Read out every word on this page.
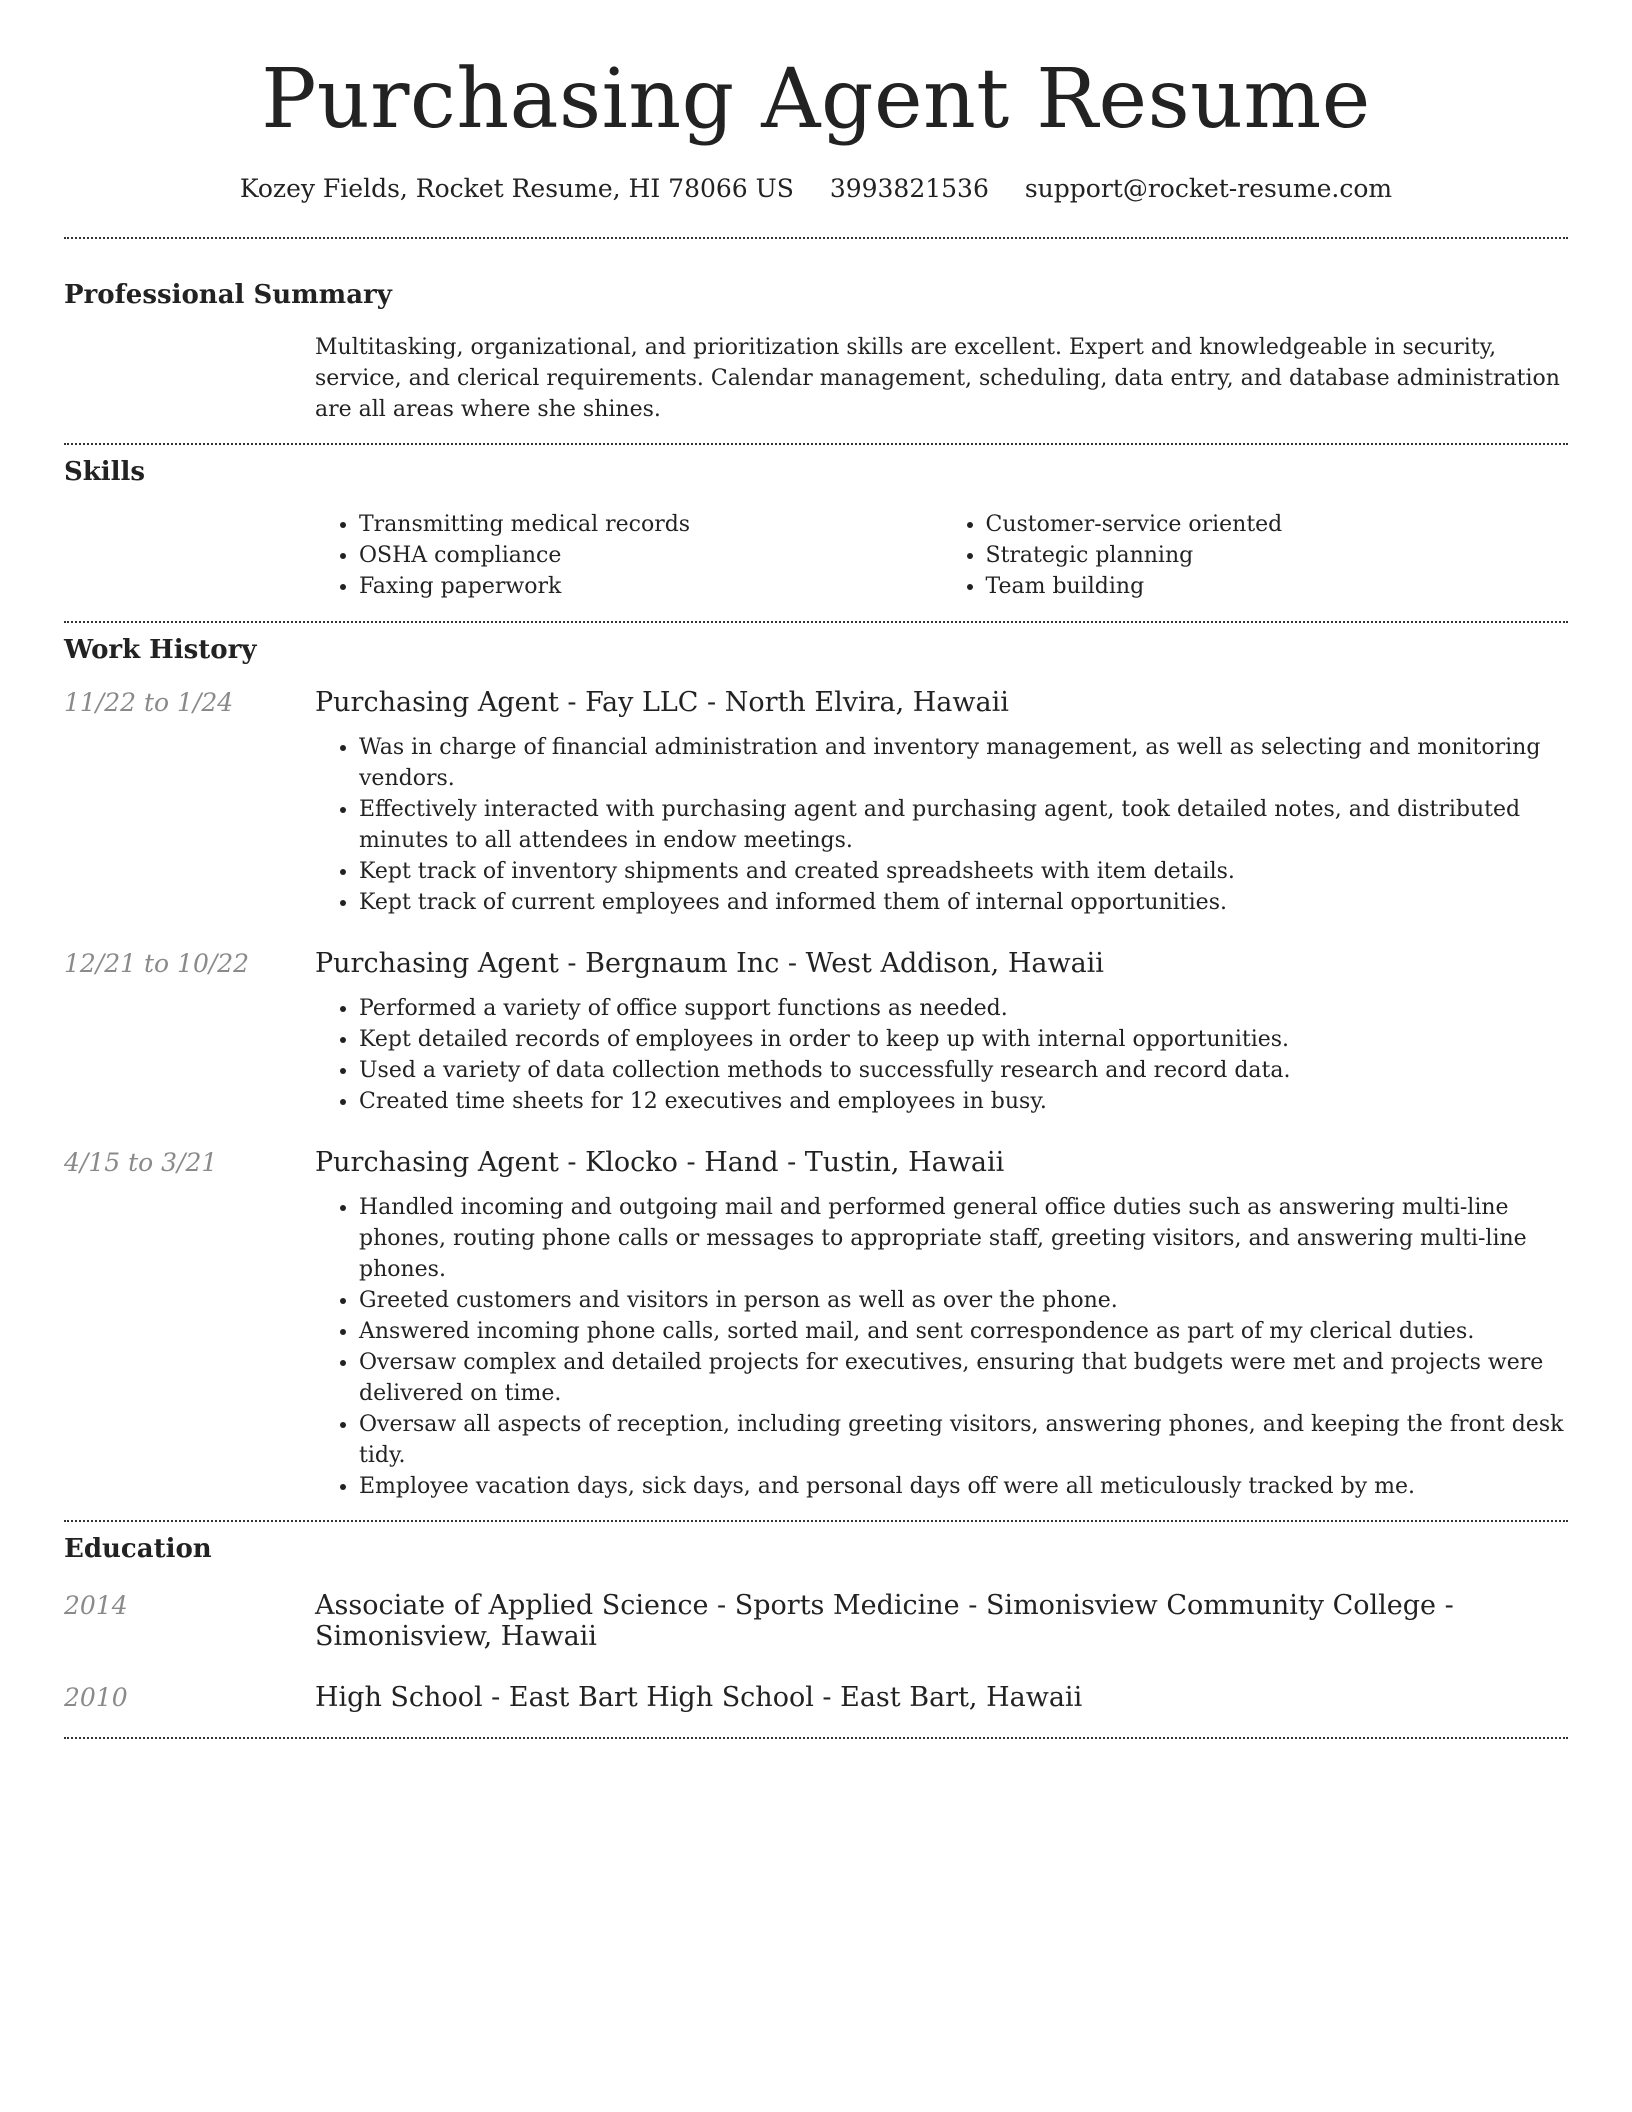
Purchasing Agent Resume
Kozey Fields, Rocket Resume, HI 78066 US 3993821536 support@rocket-resume.com
Professional Summary
Multitasking, organizational, and prioritization skills are excellent. Expert and knowledgeable in security, service, and clerical requirements. Calendar management, scheduling, data entry, and database administration are all areas where she shines.
Skills
• Transmitting medical records
• OSHA compliance
• Faxing paperwork
• Customer-service oriented
• Strategic planning
• Team building
Work History
11/22 to 1/24	Purchasing Agent - Fay LLC - North Elvira, Hawaii
• Was in charge of financial administration and inventory management, as well as selecting and monitoring vendors.
• Effectively interacted with purchasing agent and purchasing agent, took detailed notes, and distributed minutes to all attendees in endow meetings.
• Kept track of inventory shipments and created spreadsheets with item details.
• Kept track of current employees and informed them of internal opportunities.
12/21 to 10/22	Purchasing Agent - Bergnaum Inc - West Addison, Hawaii
• Performed a variety of office support functions as needed.
• Kept detailed records of employees in order to keep up with internal opportunities.
• Used a variety of data collection methods to successfully research and record data.
• Created time sheets for 12 executives and employees in busy.
4/15 to 3/21	Purchasing Agent - Klocko - Hand - Tustin, Hawaii
• Handled incoming and outgoing mail and performed general office duties such as answering multi-line phones, routing phone calls or messages to appropriate staff, greeting visitors, and answering multi-line phones.
• Greeted customers and visitors in person as well as over the phone.
• Answered incoming phone calls, sorted mail, and sent correspondence as part of my clerical duties.
• Oversaw complex and detailed projects for executives, ensuring that budgets were met and projects were delivered on time.
• Oversaw all aspects of reception, including greeting visitors, answering phones, and keeping the front desk tidy.
• Employee vacation days, sick days, and personal days off were all meticulously tracked by me.
Education
2014	Associate of Applied Science - Sports Medicine - Simonisview Community College - Simonisview, Hawaii
2010	High School - East Bart High School - East Bart, Hawaii
